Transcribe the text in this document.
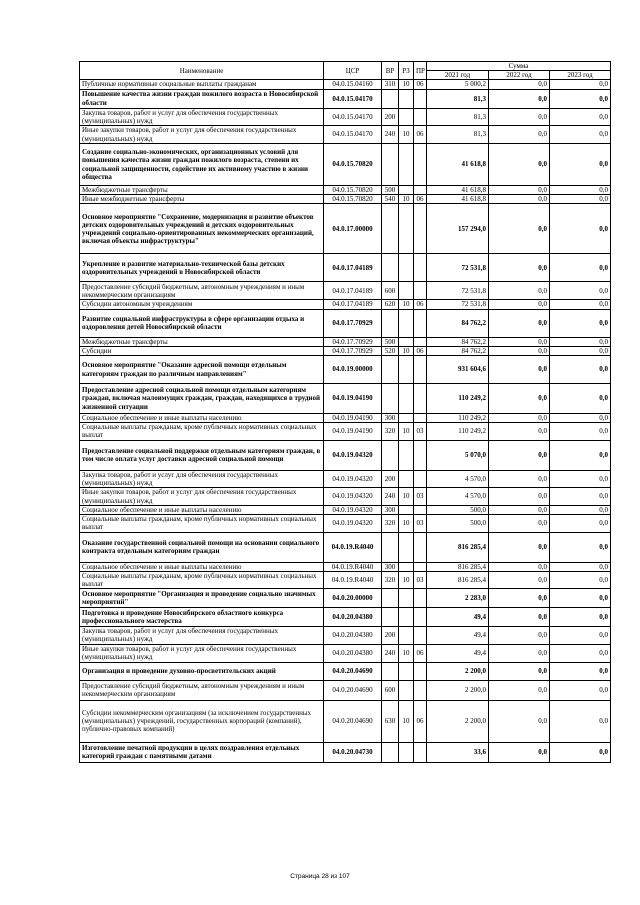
Наименование	ЦСР	ВР	РЗ	ПР	Сумма		
					2021 год	2022 год	2023 год
Публичные нормативные социальные выплаты гражданам	04.0.15.04160	310	10	06	5 000,2	0,0	0,0
Повышение качества жизни граждан пожилого возраста в Новосибирской области	04.0.15.04170				81,3	0,0	0,0
Закупка товаров, работ и услуг для обеспечения государственных (муниципальных) нужд	04.0.15.04170	200			81,3	0,0	0,0
Иные закупки товаров, работ и услуг для обеспечения государственных (муниципальных) нужд	04.0.15.04170	240	10	06	81,3	0,0	0,0
Создание социально-экономических, организационных условий для повышения качества жизни граждан пожилого возраста, степени их социальной защищенности, содействие их активному участию в жизни общества	04.0.15.70820				41 618,8	0,0	0,0
Межбюджетные трансферты	04.0.15.70820	500			41 618,8	0,0	0,0
Иные межбюджетные трансферты	04.0.15.70820	540	10	06	41 618,8	0,0	0,0
Основное мероприятие "Сохранение, модернизация и развитие объектов детских оздоровительных учреждений и детских оздоровительных учреждений социально-ориентированных некоммерческих организаций, включая объекты инфраструктуры"	04.0.17.00000				157 294,0	0,0	0,0
Укрепление и развитие материально-технической базы детских оздоровительных учреждений в Новосибирской области	04.0.17.04189				72 531,8	0,0	0,0
Предоставление субсидий бюджетным, автономным учреждениям и иным некоммерческим организациям	04.0.17.04189	600			72 531,8	0,0	0,0
Субсидии автономным учреждениям	04.0.17.04189	620	10	06	72 531,8	0,0	0,0
Развитие социальной инфраструктуры в сфере организации отдыха и оздоровления детей Новосибирской области	04.0.17.70929				84 762,2	0,0	0,0
Межбюджетные трансферты	04.0.17.70929	500			84 762,2	0,0	0,0
Субсидии	04.0.17.70929	520	10	06	84 762,2	0,0	0,0
Основное мероприятие "Оказание адресной помощи отдельным категориям граждан по различным направлениям"	04.0.19.00000				931 604,6	0,0	0,0
Предоставление адресной социальной помощи отдельным категориям граждан, включая малоимущих граждан, граждан, находящихся в трудной жизненной ситуации	04.0.19.04190				110 249,2	0,0	0,0
Социальное обеспечение и иные выплаты населению	04.0.19.04190	300			110 249,2	0,0	0,0
Социальные выплаты гражданам, кроме публичных нормативных социальных выплат	04.0.19.04190	320	10	03	110 249,2	0,0	0,0
Предоставление социальной поддержки отдельным категориям граждан, в том числе оплата услуг доставки адресной социальной помощи	04.0.19.04320				5 070,0	0,0	0,0
Закупка товаров, работ и услуг для обеспечения государственных (муниципальных) нужд	04.0.19.04320	200			4 570,0	0,0	0,0
Иные закупки товаров, работ и услуг для обеспечения государственных (муниципальных) нужд	04.0.19.04320	240	10	03	4 570,0	0,0	0,0
Социальное обеспечение и иные выплаты населению	04.0.19.04320	300			500,0	0,0	0,0
Социальные выплаты гражданам, кроме публичных нормативных социальных выплат	04.0.19.04320	320	10	03	500,0	0,0	0,0
Оказание государственной социальной помощи на основании социального контракта отдельным категориям граждан	04.0.19.R4040				816 285,4	0,0	0,0
Социальное обеспечение и иные выплаты населению	04.0.19.R4040	300			816 285,4	0,0	0,0
Социальные выплаты гражданам, кроме публичных нормативных социальных выплат	04.0.19.R4040	320	10	03	816 285,4	0,0	0,0
Основное мероприятие "Организация и проведение социально значимых мероприятий"	04.0.20.00000				2 283,0	0,0	0,0
Подготовка и проведение Новосибирского областного конкурса профессионального мастерства	04.0.20.04380				49,4	0,0	0,0
Закупка товаров, работ и услуг для обеспечения государственных (муниципальных) нужд	04.0.20.04380	200			49,4	0,0	0,0
Иные закупки товаров, работ и услуг для обеспечения государственных (муниципальных) нужд	04.0.20.04380	240	10	06	49,4	0,0	0,0
Организация и проведение духовно-просветительских акций	04.0.20.04690				2 200,0	0,0	0,0
Предоставление субсидий бюджетным, автономным учреждениям и иным некоммерческим организациям	04.0.20.04690	600			2 200,0	0,0	0,0
Субсидии некоммерческим организациям (за исключением государственных (муниципальных) учреждений, государственных корпораций (компаний), публично-правовых компаний)	04.0.20.04690	630	10	06	2 200,0	0,0	0,0
Изготовление печатной продукции в целях поздравления отдельных категорий граждан с памятными датами	04.0.20.04730				33,6	0,0	0,0
Страница 28 из 107
